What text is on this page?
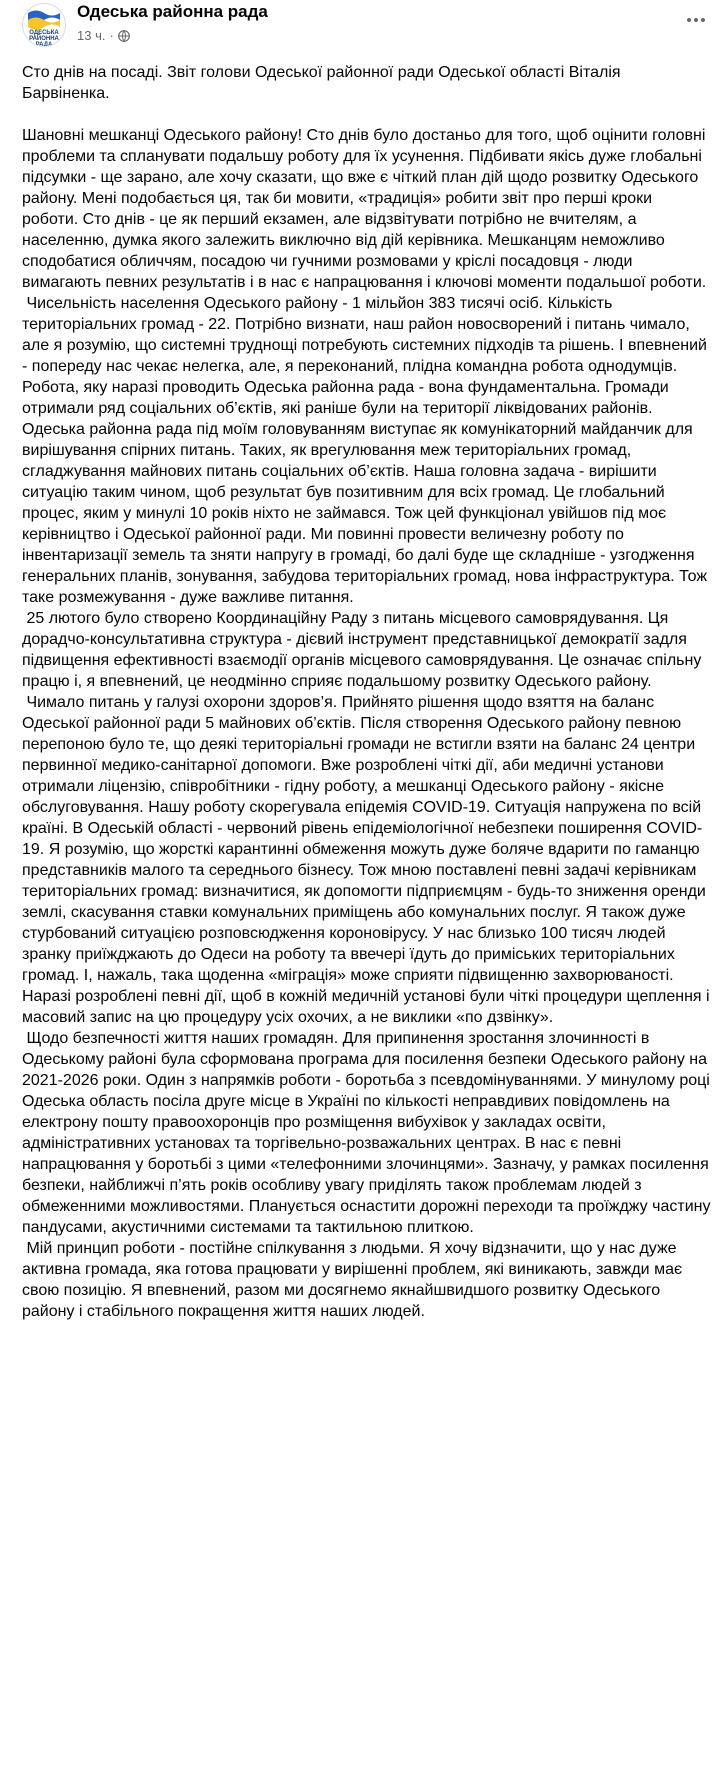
ОДЕСЬКА РАЙОННА РАДА
Одеська районна рада
13 ч. ·

Сто днів на посаді. Звіт голови Одеської районної ради Одеської області Віталія Барвіненка.

Шановні мешканці Одеського району! Сто днів було достаньо для того, щоб оцінити головні проблеми та спланувати подальшу роботу для їх усунення. Підбивати якісь дуже глобальні підсумки - ще зарано, але хочу сказати, що вже є чіткий план дій щодо розвитку Одеського району. Мені подобається ця, так би мовити, «традиція» робити звіт про перші кроки роботи. Сто днів - це як перший екзамен, але відзвітувати потрібно не вчителям, а населенню, думка якого залежить виключно від дій керівника. Мешканцям неможливо сподобатися обличчям, посадою чи гучними розмовами у кріслі посадовця - люди вимагають певних результатів і в нас є напрацювання і ключові моменти подальшої роботи.

Чисельність населення Одеського району - 1 мільйон 383 тисячі осіб. Кількість територіальних громад - 22. Потрібно визнати, наш район новосворений і питань чимало, але я розумію, що системні труднощі потребують системних підходів та рішень. І впевнений - попереду нас чекає нелегка, але, я переконаний, плідна командна робота однодумців. Робота, яку наразі проводить Одеська районна рада - вона фундаментальна. Громади отримали ряд соціальних об’єктів, які раніше були на території ліквідованих районів. Одеська районна рада під моїм головуванням виступає як комунікаторний майданчик для вирішування спірних питань. Таких, як врегулювання меж територіальних громад, сгладжування майнових питань соціальних об’єктів. Наша головна задача - вирішити ситуацію таким чином, щоб результат був позитивним для всіх громад. Це глобальний процес, яким у минулі 10 років ніхто не займався. Тож цей функціонал увійшов під моє керівництво і Одеської районної ради. Ми повинні провести величезну роботу по інвентаризації земель та зняти напругу в громаді, бо далі буде ще складніше - узгодження генеральних планів, зонування, забудова територіальних громад, нова інфраструктура. Тож таке розмежування - дуже важливе питання.

25 лютого було створено Координаційну Раду з питань місцевого самоврядування. Ця дорадчо-консультативна структура - дієвий інструмент представницької демократії задля підвищення ефективності взаємодії органів місцевого самоврядування. Це означає спільну працю і, я впевнений, це неодмінно сприяє подальшому розвитку Одеського району.

Чимало питань у галузі охорони здоров’я. Прийнято рішення щодо взяття на баланс Одеської районної ради 5 майнових об’єктів. Після створення Одеського району певною перепоною було те, що деякі територіальні громади не встигли взяти на баланс 24 центри первинної медико-санітарної допомоги. Вже розроблені чіткі дії, аби медичні установи отримали ліцензію, співробітники - гідну роботу, а мешканці Одеського району - якісне обслуговування. Нашу роботу скорегувала епідемія COVID-19. Ситуація напружена по всій країні. В Одеській області - червоний рівень епідеміологічної небезпеки поширення COVID-19. Я розумію, що жорсткі карантинні обмеження можуть дуже боляче вдарити по гаманцю представників малого та середнього бізнесу. Тож мною поставлені певні задачі керівникам територіальних громад: визначитися, як допомогти підприємцям - будь-то зниження оренди землі, скасування ставки комунальних приміщень або комунальних послуг. Я також дуже стурбований ситуацією розповсюдження короновірусу. У нас близько 100 тисяч людей зранку приїжджають до Одеси на роботу та ввечері їдуть до приміських територіальних громад. І, нажаль, така щоденна «міграція» може сприяти підвищенню захворюваності. Наразі розроблені певні дії, щоб в кожній медичній установі були чіткі процедури щеплення і масовий запис на цю процедуру усіх охочих, а не виклики «по дзвінку».

Щодо безпечності життя наших громадян. Для припинення зростання злочинності в Одеському районі була сформована програма для посилення безпеки Одеського району на 2021-2026 роки. Один з напрямків роботи - боротьба з псевдомінуваннями. У минулому році Одеська область посіла друге місце в Україні по кількості неправдивих повідомлень на електрону пошту правоохоронців про розміщення вибухівок у закладах освіти, адміністративних установах та торгівельно-розважальних центрах. В нас є певні напрацювання у боротьбі з цими «телефонними злочинцями». Зазначу, у рамках посилення безпеки, найближчі п’ять років особливу увагу приділять також проблемам людей з обмеженними можливостями. Планується оснастити дорожні переходи та проїжджу частину пандусами, акустичними системами та тактильною плиткою.

Мій принцип роботи - постійне спілкування з людьми. Я хочу відзначити, що у нас дуже активна громада, яка готова працювати у вирішенні проблем, які виникають, завжди має свою позицію. Я впевнений, разом ми досягнемо якнайшвидшого розвитку Одеського району і стабільного покращення життя наших людей.
